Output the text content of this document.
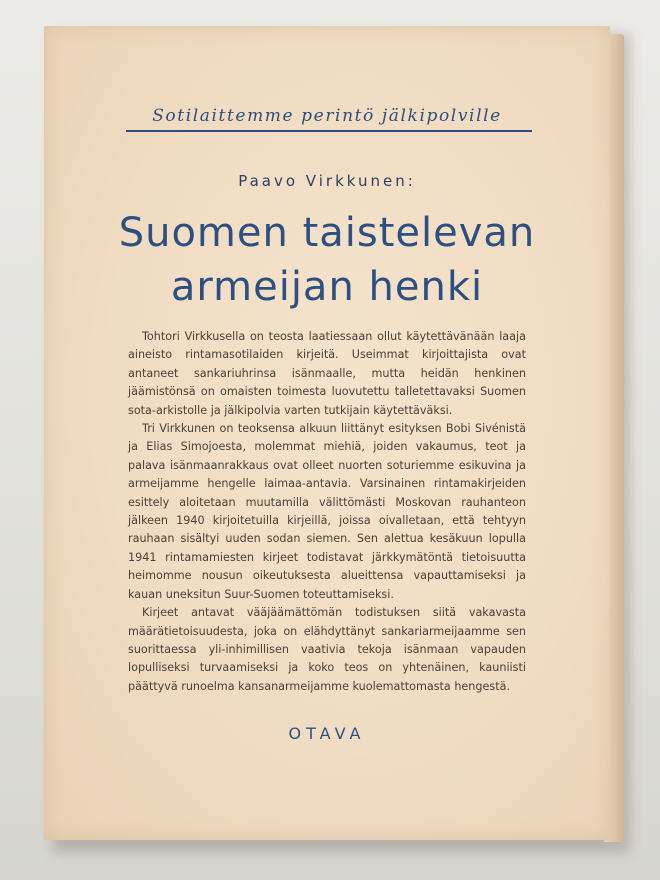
Sotilaittemme perintö jälkipolville
Paavo Virkkunen:
Suomen taistelevan
armeijan henki

Tohtori Virkkusella on teosta laatiessaan ollut käytettävänään laaja aineisto rintamasotilaiden kirjeitä. Useimmat kirjoittajista ovat antaneet sankariuhrinsa isänmaalle, mutta heidän henkinen jäämistönsä on omaisten toimesta luovutettu talletettavaksi Suomen sota-arkistolle ja jälkipolvia varten tutkijain käytettäväksi.

Tri Virkkunen on teoksensa alkuun liittänyt esityksen Bobi Sivénistä ja Elias Simojoesta, molemmat miehiä, joiden vakaumus, teot ja palava isänmaanrakkaus ovat olleet nuorten soturiemme esikuvina ja armeijamme hengelle laimaa-antavia. Varsinainen rintamakirjeiden esittely aloitetaan muutamilla välittömästi Moskovan rauhanteon jälkeen 1940 kirjoitetuilla kirjeillä, joissa oivalletaan, että tehtyyn rauhaan sisältyi uuden sodan siemen. Sen alettua kesäkuun lopulla 1941 rintamamiesten kirjeet todistavat järkkymätöntä tietoisuutta heimomme nousun oikeutuksesta alueittensa vapauttamiseksi ja kauan uneksitun Suur-Suomen toteuttamiseksi.

Kirjeet antavat vääjäämättömän todistuksen siitä vakavasta määrätietoisuudesta, joka on elähdyttänyt sankariarmeijaamme sen suorittaessa yli-inhimillisen vaativia tekoja isänmaan vapauden lopulliseksi turvaamiseksi ja koko teos on yhtenäinen, kauniisti päättyvä runoelma kansanarmeijamme kuolemattomasta hengestä.

OTAVA
